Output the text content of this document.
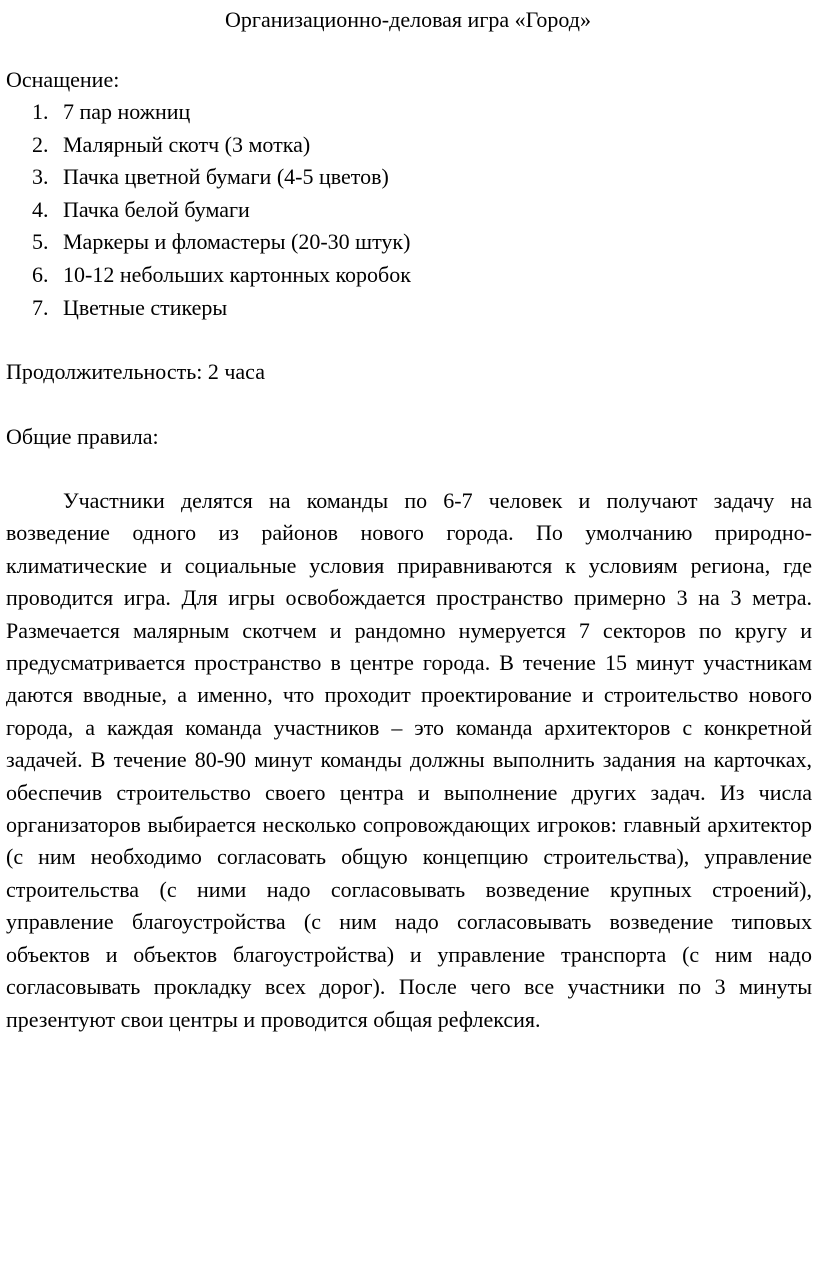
Организационно-деловая игра «Город»
Оснащение:
1. 7 пар ножниц
2. Малярный скотч (3 мотка)
3. Пачка цветной бумаги (4-5 цветов)
4. Пачка белой бумаги
5. Маркеры и фломастеры (20-30 штук)
6. 10-12 небольших картонных коробок
7. Цветные стикеры
Продолжительность: 2 часа
Общие правила:

Участники делятся на команды по 6-7 человек и получают задачу на возведение одного из районов нового города. По умолчанию природно-климатические и социальные условия приравниваются к условиям региона, где проводится игра. Для игры освобождается пространство примерно 3 на 3 метра. Размечается малярным скотчем и рандомно нумеруется 7 секторов по кругу и предусматривается пространство в центре города. В течение 15 минут участникам даются вводные, а именно, что проходит проектирование и строительство нового города, а каждая команда участников – это команда архитекторов с конкретной задачей. В течение 80-90 минут команды должны выполнить задания на карточках, обеспечив строительство своего центра и выполнение других задач. Из числа организаторов выбирается несколько сопровождающих игроков: главный архитектор (с ним необходимо согласовать общую концепцию строительства), управление строительства (с ними надо согласовывать возведение крупных строений), управление благоустройства (с ним надо согласовывать возведение типовых объектов и объектов благоустройства) и управление транспорта (с ним надо согласовывать прокладку всех дорог). После чего все участники по 3 минуты презентуют свои центры и проводится общая рефлексия.
